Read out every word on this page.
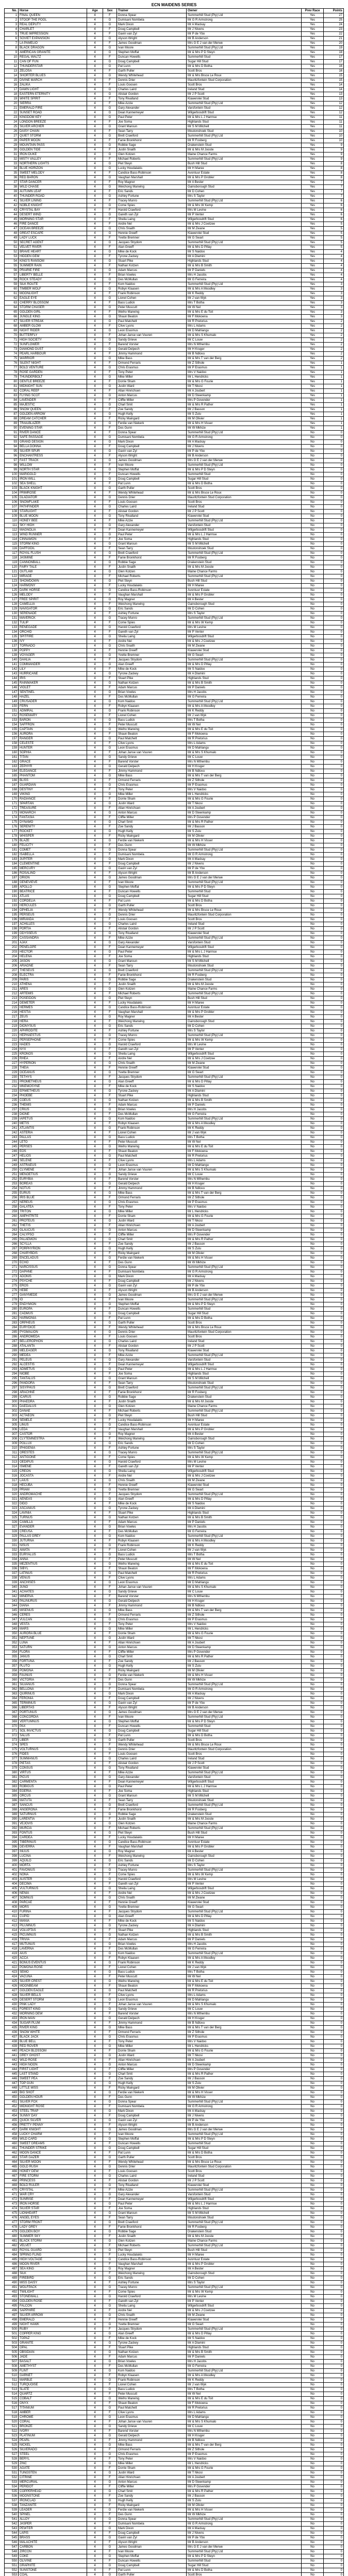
ECN MAIDENS SERIES
No.	Horse	Age	Sex	Trainer	Owner	Prev Race	Points
1	FINAL QUEEN	4	F	Donna Spear	Summerhill Stud (Pty) Ltd	Yes	27
2	STOOP THE POOL	4	G	Dumisani Nombela	Mr G R Armstrong	Yes	25
3	REAL DEPUTY	4	G	Mark Dixon	Mr A Mackay	Yes	24
4	CHARLET	4	F	Doug Campbell	Mr J Nivens	Yes	23
5	TRUE IMPRESSION	4	F	Gavin van Zyl	Mr P de Ybo	Yes	22
6	SOVIET EXPANSION	4	G	Alyson Wright	Mr B Anderson	Yes	21
7	LA PAMELIO	4	F	James Goodman	Mrs G E J van der Merwe	Yes	20
8	BLACK DRAGON	4	G	Ivan Moore	Summerhill Stud (Pty) Ltd	Yes	19
9	AMERICAN GRANITE	4	G	Stephen Moffat	Mr & Mrs P D Steyn	Yes	18
10	REGAL WALTZ	4	F	Duncan Howells	Summerhill Stud	Yes	17
11	CAN OF FUN	4	G	Doug Campbell	Sugar Hill Stud	Yes	17
12	THUNDERSTAR	4	G	Pat Lunn	Mr & Mrs D Botha	Yes	16
13	ZELOSA	4	F	Garth Puller	Scott Bros	Yes	16
14	SHORTER BLUES	4	G	Wendy Whitehead	Mr & Mrs Bruce Le Roux	Yes	15
15	DIVINE MARCH	4	F	Dennis Drier	Mauritzfontein Stud Corporation	Yes	15
16	ZALIKA	4	F	Louis Goosen	Scott Bros	Yes	14
17	DAWN LIGHT	4	G	Charles Laird	Ireland Stud	Yes	14
18	EASTERN ETERNITY	4	G	Alistair Gordon	Mr J P Scott	Yes	13
19	WHITE SPIRIT	4	F	Tony Rivalland	Klawervlei Stud	Yes	13
20	SIERRA	4	F	Mike Azzie	Summerhill Stud (Pty) Ltd	Yes	12
21	EMERALD FIRE	4	G	Gary Alexander	Varsfontein Stud	Yes	12
22	SUNSET ROAD	4	G	Dean Kannemeyer	Wilgerbosdrift Stud	Yes	12
23	KINGDOM KEY	4	G	Paul Peter	Mr & Mrs L J Harmse	Yes	11
24	LONDON BREEZE	4	F	Joe Soma	Highlands Stud	Yes	11
25	SILVER ARCHER	4	G	Grant Maroun	Mr S M Mitchell	Yes	11
26	DAISY CHAIN	4	F	Sean Tarry	Moutonshoek Stud	Yes	10
27	QUIET STORM	4	G	Brett Crawford	Summerhill Stud (Pty) Ltd	Yes	10
28	PAPER MOON	4	F	Fanie Bronkhorst	Mr R Fosberg	Yes	10
29	MOUNTAIN PASS	4	G	Robbie Sage	Drakenstein Stud	Yes	9
30	GOLDEN TIDE	4	F	Justin Snaith	Mr & Mrs M Jooste	Yes	9
31	IRON DUKE	4	G	Glen Kotzen	Maine Chance Farms	Yes	9
32	MISTY VALLEY	4	F	Michael Roberts	Summerhill Stud (Pty) Ltd	Yes	9
33	NORTHERN LIGHTS	4	G	Piet Steyn	Bush Hill Stud	Yes	8
34	BLUE HORIZON	4	G	Lucky Houdalakis	Mr H Maree	Yes	8
35	SWEET MELODY	4	F	Candice Bass-Robinson	Avontuur Estate	Yes	8
36	RED BARON	4	G	Vaughan Marshall	Mr & Mrs P Grobler	Yes	8
37	STAR DANCER	4	F	Roy Magner	Mr A Bester	Yes	7
38	WILD CHASE	4	G	Weichong Marwing	Gainsborough Stud	Yes	7
39	AUTUMN LEAF	4	F	Eric Sands	Mr D Cohen	Yes	7
40	THUNDER ROAD	4	G	Ashley Fortune	Mrs S Taylor	Yes	7
41	SILVER LINING	4	F	Tracey Munro	Summerhill Stud (Pty) Ltd	Yes	6
42	NOBLE KNIGHT	4	G	Corne Spies	Mr & Mrs W Kemp	Yes	6
43	CRYSTAL BAY	4	F	Harold Crawford	Mrs M Levine	Yes	6
44	DESERT WIND	4	G	Gareth van Zyl	Mr P Venter	Yes	6
45	MORNING STAR	4	F	Sheila Laing	Wilgerbosdrift Stud	Yes	6
46	FIRE DANCE	4	F	Andre Nel	Mr & Mrs J Coetzee	Yes	5
47	OCEAN BREEZE	4	G	Chris Snaith	Mr M Zwane	Yes	5
48	GREAT ESCAPE	4	G	Hennie Greeff	Klawervlei Stud	Yes	5
49	LADY LUCK	4	F	Yvette Bremner	Mr G Swart	Yes	5
50	SECRET AGENT	4	G	Jacques Strydom	Summerhill Stud (Pty) Ltd	Yes	5
51	VELVET RIVER	4	F	Alan Greeff	Mr & Mrs D Pillay	Yes	5
52	BRAVE HEART	4	G	Mike de Kock	Mr S Naidoo	Yes	4
53	HIDDEN GEM	4	F	Tyrone Zackey	Mr A Dlamini	Yes	4
54	KING'S RANSOM	4	G	Stuart Pike	Highlands Stud	Yes	4
55	SUMMER RAIN	4	F	Nathan Kotzen	Mr & Mrs B Smith	Yes	4
56	PRAIRIE FIRE	4	G	Adam Marcus	Mr P Daniels	Yes	4
57	LIBERTY BELLE	4	F	Brian Vowles	Mrs H Jacobs	Yes	4
58	ROCK STEADY	4	G	Des McMullan	Mr G Ferreira	Yes	4
59	SILK ROUTE	4	F	Kom Naidoo	Summerhill Stud (Pty) Ltd	Yes	3
60	TIMBER WOLF	4	G	Robyn Klaasen	Mr & Mrs A Moodley	Yes	3
61	MOONLIGHT	4	F	Frank Robinson	Mr K Reddy	Yes	3
62	EAGLE EYE	4	G	Lionel Cohen	Mr J van Wyk	Yes	3
63	CHERRY BLOSSOM	4	F	Bass Ludick	Mrs T Botha	Yes	3
64	STORM CHASER	4	G	Peter Muscutt	Mr W Nel	Yes	3
65	GOLDEN GIRL	4	F	Weiho Marwing	Mr & Mrs E du Toit	Yes	3
66	JUNGLE KING	4	G	Shaun Beaton	Mr F Mokoena	Yes	3
67	SILVER STREAK	4	G	Paul Matchett	Mr R Pretorius	Yes	2
68	AMBER GLOW	4	F	Clive Lyons	Mrs L Adams	Yes	2
69	NIGHT RIDER	4	G	Leon Erasmus	Mr D Mahlangu	Yes	2
70	BUTTERFLY	4	F	Johan Janse van Vuuren	Mr & Mrs S Khumalo	Yes	2
71	HIGH SOCIETY	4	G	Sandy Grieve	Mr C Louw	Yes	2
72	SUNFLOWER	4	F	Barend Vorster	Mrs N Mthembu	Yes	2
73	DIAMOND DUST	4	G	Gerald Delpech	Mr H Kruger	Yes	2
74	PEARL HARBOUR	4	F	Jimmy Hammond	Mr B Ndlovu	Yes	2
75	WARRIOR	4	G	Mike Bass	Mr & Mrs T van der Berg	Yes	2
76	SILENT NIGHT	4	F	Ormond Ferraris	Mr Z Sithole	Yes	1
77	BOLD VENTURE	4	G	Chris Erasmus	Mr P Erasmus	Yes	1
78	ROSE GARDEN	4	F	Tony Peter	Mrs V Naidoo	Yes	1
79	THUNDERBOLT	4	G	Mike Miller	Mr L Hendricks	Yes	1
80	GENTLE BREEZE	4	F	Dorrie Sham	Mr & Mrs G Fourie	Yes	1
81	MIDNIGHT SUN	4	G	Justin Ward	Mr T Nkosi	Yes	1
82	CORAL REEF	4	F	Allan Hinrichsen	Mr A Joubert	Yes	1
83	FLYING SCOT	4	G	Anton Marcus	Mr D Steenkamp	Yes	1
84	LAVENDER	4	F	Cliffie Miller	Mrs P Govender	Yes	1
85	MAJESTIC	4	G	Charl Smit	Mr & Mrs R Pather	Yes	1
86	SNOW QUEEN	4	F	Zoe Sandy	Mr J Basson	Yes	1
87	GOLDEN ARROW	4	G	Hugh Kelly	Mr S Zulu	Yes	1
88	DREAM CATCHER	4	F	Ricky Maingard	Mr M Olivier	Yes	1
89	TRAILBLAZER	4	G	Ferdie van Niekerk	Mr & Mrs H Visser	Yes	1
90	EVENING STAR	4	F	Des Gunn	Mr W Mkhize	Yes	1
91	RIVER DANCE	4	F	Donna Spear	Summerhill Stud (Pty) Ltd	No	0
92	SAFE PASSAGE	4	G	Dumisani Nombela	Mr G R Armstrong	No	0
93	GRAND DESIGN	4	G	Mark Dixon	Mr A Mackay	No	0
94	BELLA DONNA	4	F	Doug Campbell	Mr J Nivens	No	0
95	SILVER SPUR	4	G	Gavin van Zyl	Mr P de Ybo	No	0
96	ENCHANTRESS	4	F	Alyson Wright	Mr B Anderson	No	0
97	FAST TRACK	4	G	James Goodman	Mrs G E J van der Merwe	No	0
98	WILLOW	4	F	Ivan Moore	Summerhill Stud (Pty) Ltd	No	0
99	NORTH STAR	4	G	Stephen Moffat	Mr & Mrs P D Steyn	No	0
100	MARIGOLD	4	F	Duncan Howells	Summerhill Stud	No	0
101	IRON WILL	4	G	Doug Campbell	Sugar Hill Stud	No	0
102	SEA SHELL	4	F	Pat Lunn	Mr & Mrs D Botha	No	0
103	BLACK KNIGHT	4	G	Garth Puller	Scott Bros	No	0
104	PRIMROSE	4	F	Wendy Whitehead	Mr & Mrs Bruce Le Roux	No	0
105	GLADIATOR	4	G	Dennis Drier	Mauritzfontein Stud Corporation	No	0
106	SNOWFLAKE	4	F	Louis Goosen	Scott Bros	No	0
107	PATHFINDER	4	G	Charles Laird	Ireland Stud	No	0
108	STARLIGHT	4	F	Alistair Gordon	Mr J P Scott	No	0
109	BLUE MOON	4	G	Tony Rivalland	Klawervlei Stud	No	0
110	HONEY BEE	4	F	Mike Azzie	Summerhill Stud (Pty) Ltd	No	0
111	SKY HIGH	4	G	Gary Alexander	Varsfontein Stud	No	0
112	MAGNOLIA	4	F	Dean Kannemeyer	Wilgerbosdrift Stud	No	0
113	WIND RUNNER	4	G	Paul Peter	Mr & Mrs L J Harmse	No	0
114	CINNAMON	4	F	Joe Soma	Highlands Stud	No	0
115	STORM KING	4	G	Grant Maroun	Mr S M Mitchell	No	0
116	DAFFODIL	4	F	Sean Tarry	Moutonshoek Stud	No	0
117	ROYAL FLUSH	4	G	Brett Crawford	Summerhill Stud (Pty) Ltd	No	0
118	JASMINE	4	F	Fanie Bronkhorst	Mr R Fosberg	No	0
119	CANNONBALL	4	G	Robbie Sage	Drakenstein Stud	No	0
120	FAIRY TALE	4	F	Justin Snaith	Mr & Mrs M Jooste	No	0
121	OUTLAW	4	G	Glen Kotzen	Maine Chance Farms	No	0
122	MIRAGE	4	F	Michael Roberts	Summerhill Stud (Pty) Ltd	No	0
123	SHOWDOWN	4	G	Piet Steyn	Bush Hill Stud	No	0
124	HARMONY	4	F	Lucky Houdalakis	Mr H Maree	No	0
125	DARK HORSE	4	G	Candice Bass-Robinson	Avontuur Estate	No	0
126	MELODY	4	F	Vaughan Marshall	Mr & Mrs P Grobler	No	0
127	FREE SPIRIT	4	G	Roy Magner	Mr A Bester	No	0
128	CAMELLIA	4	F	Weichong Marwing	Gainsborough Stud	No	0
129	NAVIGATOR	4	G	Eric Sands	Mr D Cohen	No	0
130	SERENADE	4	F	Ashley Fortune	Mrs S Taylor	No	0
131	MAVERICK	4	G	Tracey Munro	Summerhill Stud (Pty) Ltd	No	0
132	TULIP	4	F	Corne Spies	Mr & Mrs W Kemp	No	0
133	RENEGADE	4	G	Harold Crawford	Mrs M Levine	No	0
134	ORCHID	4	F	Gareth van Zyl	Mr P Venter	No	0
135	SPITFIRE	4	G	Sheila Laing	Wilgerbosdrift Stud	No	0
136	IVY	4	F	Andre Nel	Mr & Mrs J Coetzee	No	0
137	TORNADO	4	G	Chris Snaith	Mr M Zwane	No	0
138	POPPY	4	F	Hennie Greeff	Klawervlei Stud	No	0
139	VOYAGER	4	G	Yvette Bremner	Mr G Swart	No	0
140	DAHLIA	4	F	Jacques Strydom	Summerhill Stud (Pty) Ltd	No	0
141	COMMANDER	4	G	Alan Greeff	Mr & Mrs D Pillay	No	0
142	LILY	4	F	Mike de Kock	Mr S Naidoo	No	0
143	HURRICANE	4	G	Tyrone Zackey	Mr A Dlamini	No	0
144	IRIS	4	F	Stuart Pike	Highlands Stud	No	0
145	RAINMAKER	4	G	Nathan Kotzen	Mr & Mrs B Smith	No	0
146	VIOLET	4	F	Adam Marcus	Mr P Daniels	No	0
147	SENTINEL	4	G	Brian Vowles	Mrs H Jacobs	No	0
148	HAZEL	4	F	Des McMullan	Mr G Ferreira	No	0
149	CRUSADER	4	G	Kom Naidoo	Summerhill Stud (Pty) Ltd	No	0
150	FERN	4	F	Robyn Klaasen	Mr & Mrs A Moodley	No	0
151	ADMIRAL	4	G	Frank Robinson	Mr K Reddy	No	0
152	ROSEMARY	4	F	Lionel Cohen	Mr J van Wyk	No	0
153	BARON	4	G	Bass Ludick	Mrs T Botha	No	0
154	SAFFRON	4	F	Peter Muscutt	Mr W Nel	No	0
155	CAPTAIN	4	G	Weiho Marwing	Mr & Mrs E du Toit	No	0
156	AURORA	4	F	Shaun Beaton	Mr F Mokoena	No	0
157	RANGER	4	G	Paul Matchett	Mr R Pretorius	No	0
158	CELESTE	4	F	Clive Lyons	Mrs L Adams	No	0
159	HUNTER	4	G	Leon Erasmus	Mr D Mahlangu	No	0
160	SOPHIA	4	F	Johan Janse van Vuuren	Mr & Mrs S Khumalo	No	0
161	TITAN	4	G	Sandy Grieve	Mr C Louw	No	0
162	GRACE	4	F	Barend Vorster	Mrs N Mthembu	No	0
163	ZEPHYR	4	G	Gerald Delpech	Mr H Kruger	No	0
164	ELEGANCE	4	F	Jimmy Hammond	Mr B Ndlovu	No	0
165	PHANTOM	4	G	Mike Bass	Mr & Mrs T van der Berg	No	0
166	BLISS	4	F	Ormond Ferraris	Mr Z Sithole	No	0
167	GUARDIAN	4	G	Chris Erasmus	Mr P Erasmus	No	0
168	DESTINY	4	F	Tony Peter	Mrs V Naidoo	No	0
169	VIKING	4	G	Mike Miller	Mr L Hendricks	No	0
170	RADIANCE	4	F	Dorrie Sham	Mr & Mrs G Fourie	No	0
171	SPARTAN	4	G	Justin Ward	Mr T Nkosi	No	0
172	TREASURE	4	F	Allan Hinrichsen	Mr A Joubert	No	0
173	MONARCH	4	G	Anton Marcus	Mr D Steenkamp	No	0
174	FANTASIA	4	F	Cliffie Miller	Mrs P Govender	No	0
175	DYNAMO	4	G	Charl Smit	Mr & Mrs R Pather	No	0
176	SERENITY	4	F	Zoe Sandy	Mr J Basson	No	0
177	ROCKET	4	G	Hugh Kelly	Mr S Zulu	No	0
178	WHISPER	4	F	Ricky Maingard	Mr M Olivier	No	0
179	BLAZE	4	G	Ferdie van Niekerk	Mr & Mrs H Visser	No	0
180	FELICITY	4	F	Des Gunn	Mr W Mkhize	No	0
181	COMET	4	G	Donna Spear	Summerhill Stud (Pty) Ltd	No	0
182	ISABELLA	4	F	Dumisani Nombela	Mr G R Armstrong	No	0
183	JUPITER	4	G	Mark Dixon	Mr A Mackay	No	0
184	CLEMENTINE	4	F	Doug Campbell	Mr J Nivens	No	0
185	MERCURY	4	G	Gavin van Zyl	Mr P de Ybo	No	0
186	ROSALIND	4	F	Alyson Wright	Mr B Anderson	No	0
187	ORION	4	G	James Goodman	Mrs G E J van der Merwe	No	0
188	GENEVIEVE	4	F	Ivan Moore	Summerhill Stud (Pty) Ltd	No	0
189	APOLLO	4	G	Stephen Moffat	Mr & Mrs P D Steyn	No	0
190	BEATRICE	4	F	Duncan Howells	Summerhill Stud	No	0
191	ATLAS	4	G	Doug Campbell	Sugar Hill Stud	No	0
192	CORDELIA	4	F	Pat Lunn	Mr & Mrs D Botha	No	0
193	HERCULES	4	G	Garth Puller	Scott Bros	No	0
194	OPHELIA	4	F	Wendy Whitehead	Mr & Mrs Bruce Le Roux	No	0
195	PERSEUS	4	G	Dennis Drier	Mauritzfontein Stud Corporation	No	0
196	MIRANDA	4	F	Louis Goosen	Scott Bros	No	0
197	ACHILLES	4	G	Charles Laird	Ireland Stud	No	0
198	PORTIA	4	F	Alistair Gordon	Mr J P Scott	No	0
199	ODYSSEUS	4	G	Tony Rivalland	Klawervlei Stud	No	0
200	CASSANDRA	4	F	Mike Azzie	Summerhill Stud (Pty) Ltd	No	0
201	AJAX	4	G	Gary Alexander	Varsfontein Stud	No	0
202	PENELOPE	4	F	Dean Kannemeyer	Wilgerbosdrift Stud	No	0
203	HECTOR	4	G	Paul Peter	Mr & Mrs L J Harmse	No	0
204	HELENA	4	F	Joe Soma	Highlands Stud	No	0
205	JASON	4	G	Grant Maroun	Mr S M Mitchell	No	0
206	ARIADNE	4	F	Sean Tarry	Moutonshoek Stud	No	0
207	THESEUS	4	G	Brett Crawford	Summerhill Stud (Pty) Ltd	No	0
208	ELECTRA	4	F	Fanie Bronkhorst	Mr R Fosberg	No	0
209	PARIS	4	G	Robbie Sage	Drakenstein Stud	No	0
210	ATHENA	4	F	Justin Snaith	Mr & Mrs M Jooste	No	0
211	ARES	4	G	Glen Kotzen	Maine Chance Farms	No	0
212	ARTEMIS	4	F	Michael Roberts	Summerhill Stud (Pty) Ltd	No	0
213	POSEIDON	4	G	Piet Steyn	Bush Hill Stud	No	0
214	DEMETER	4	F	Lucky Houdalakis	Mr H Maree	No	0
215	HERMES	4	G	Candice Bass-Robinson	Avontuur Estate	No	0
216	HESTIA	4	F	Vaughan Marshall	Mr & Mrs P Grobler	No	0
217	ZEUS	4	G	Roy Magner	Mr A Bester	No	0
218	HERA	4	F	Weichong Marwing	Gainsborough Stud	No	0
219	DIONYSUS	4	G	Eric Sands	Mr D Cohen	No	0
220	APHRODITE	4	F	Ashley Fortune	Mrs S Taylor	No	0
221	HEPHAESTUS	4	G	Tracey Munro	Summerhill Stud (Pty) Ltd	No	0
222	PERSEPHONE	4	F	Corne Spies	Mr & Mrs W Kemp	No	0
223	HADES	4	G	Harold Crawford	Mrs M Levine	No	0
224	NYX	4	F	Gareth van Zyl	Mr P Venter	No	0
225	KRONOS	4	G	Sheila Laing	Wilgerbosdrift Stud	No	0
226	RHEA	4	F	Andre Nel	Mr & Mrs J Coetzee	No	0
227	HYPERION	4	G	Chris Snaith	Mr M Zwane	No	0
228	THEIA	4	F	Hennie Greeff	Klawervlei Stud	No	0
229	OCEANUS	4	G	Yvette Bremner	Mr G Swart	No	0
230	TETHYS	4	F	Jacques Strydom	Summerhill Stud (Pty) Ltd	No	0
231	PROMETHEUS	4	G	Alan Greeff	Mr & Mrs D Pillay	No	0
232	MNEMOSYNE	4	F	Mike de Kock	Mr S Naidoo	No	0
233	EPIMETHEUS	4	G	Tyrone Zackey	Mr A Dlamini	No	0
234	PHOEBE	4	F	Stuart Pike	Highlands Stud	No	0
235	COEUS	4	G	Nathan Kotzen	Mr & Mrs B Smith	No	0
236	THEMIS	4	F	Adam Marcus	Mr P Daniels	No	0
237	CRIUS	4	G	Brian Vowles	Mrs H Jacobs	No	0
238	DIONE	4	F	Des McMullan	Mr G Ferreira	No	0
239	IAPETUS	4	G	Kom Naidoo	Summerhill Stud (Pty) Ltd	No	0
240	METIS	4	F	Robyn Klaasen	Mr & Mrs A Moodley	No	0
241	ATLANTIS	4	G	Frank Robinson	Mr K Reddy	No	0
242	ASTERIA	4	F	Lionel Cohen	Mr J van Wyk	No	0
243	PALLAS	4	G	Bass Ludick	Mrs T Botha	No	0
244	LETO	4	F	Peter Muscutt	Mr W Nel	No	0
245	PERSES	4	G	Weiho Marwing	Mr & Mrs E du Toit	No	0
246	EOS	4	F	Shaun Beaton	Mr F Mokoena	No	0
247	HELIOS	4	G	Paul Matchett	Mr R Pretorius	No	0
248	SELENE	4	F	Clive Lyons	Mrs L Adams	No	0
249	ASTRAEUS	4	G	Leon Erasmus	Mr D Mahlangu	No	0
250	CLYMENE	4	F	Johan Janse van Vuuren	Mr & Mrs S Khumalo	No	0
251	MENOETIUS	4	G	Sandy Grieve	Mr C Louw	No	0
252	EURYBIA	4	F	Barend Vorster	Mrs N Mthembu	No	0
253	BOREAS	4	G	Gerald Delpech	Mr H Kruger	No	0
254	NOTUS	4	F	Jimmy Hammond	Mr B Ndlovu	No	0
255	EURUS	4	G	Mike Bass	Mr & Mrs T van der Berg	No	0
256	IRIS BLUE	4	F	Ormond Ferraris	Mr Z Sithole	No	0
257	NEREUS	4	G	Chris Erasmus	Mr P Erasmus	No	0
258	GALATEA	4	F	Tony Peter	Mrs V Naidoo	No	0
259	TRITON	4	G	Mike Miller	Mr L Hendricks	No	0
260	AMPHITRITE	4	F	Dorrie Sham	Mr & Mrs G Fourie	No	0
261	PROTEUS	4	G	Justin Ward	Mr T Nkosi	No	0
262	THETIS	4	F	Allan Hinrichsen	Mr A Joubert	No	0
263	GLAUCUS	4	G	Anton Marcus	Mr D Steenkamp	No	0
264	CALYPSO	4	F	Cliffie Miller	Mrs P Govender	No	0
265	PALAEMON	4	G	Charl Smit	Mr & Mrs R Pather	No	0
266	SCYLLA	4	F	Zoe Sandy	Mr J Basson	No	0
267	PORPHYRION	4	G	Hugh Kelly	Mr S Zulu	No	0
268	CHARYBDIS	4	F	Ricky Maingard	Mr M Olivier	No	0
269	ENCELADUS	4	G	Ferdie van Niekerk	Mr & Mrs H Visser	No	0
270	ECHO	4	F	Des Gunn	Mr W Mkhize	No	0
271	NARCISSUS	4	G	Donna Spear	Summerhill Stud (Pty) Ltd	No	0
272	DAPHNE	4	F	Dumisani Nombela	Mr G R Armstrong	No	0
273	ADONIS	4	G	Mark Dixon	Mr A Mackay	No	0
274	PSYCHE	4	F	Doug Campbell	Mr J Nivens	No	0
275	EROS	4	G	Gavin van Zyl	Mr P de Ybo	No	0
276	HEBE	4	F	Alyson Wright	Mr B Anderson	No	0
277	GANYMEDE	4	G	James Goodman	Mrs G E J van der Merwe	No	0
278	IO	4	F	Ivan Moore	Summerhill Stud (Pty) Ltd	No	0
279	ENDYMION	4	G	Stephen Moffat	Mr & Mrs P D Steyn	No	0
280	EUROPA	4	F	Duncan Howells	Summerhill Stud	No	0
281	CADMUS	4	G	Doug Campbell	Sugar Hill Stud	No	0
282	HARMONIA	4	F	Pat Lunn	Mr & Mrs D Botha	No	0
283	ORPHEUS	4	G	Garth Puller	Scott Bros	No	0
284	EURYDICE	4	F	Wendy Whitehead	Mr & Mrs Bruce Le Roux	No	0
285	PYGMALION	4	G	Dennis Drier	Mauritzfontein Stud Corporation	No	0
286	ANDROMEDA	4	F	Louis Goosen	Scott Bros	No	0
287	BELLEROPHON	4	G	Charles Laird	Ireland Stud	No	0
288	ATALANTA	4	F	Alistair Gordon	Mr J P Scott	No	0
289	MELEAGER	4	G	Tony Rivalland	Klawervlei Stud	No	0
290	MEDEA	4	F	Mike Azzie	Summerhill Stud (Pty) Ltd	No	0
291	PELEUS	4	G	Gary Alexander	Varsfontein Stud	No	0
292	ALCESTIS	4	F	Dean Kannemeyer	Wilgerbosdrift Stud	No	0
293	ADMETUS	4	G	Paul Peter	Mr & Mrs L J Harmse	No	0
294	NIOBE	4	F	Joe Soma	Highlands Stud	No	0
295	TANTALUS	4	G	Grant Maroun	Mr S M Mitchell	No	0
296	PANDORA	4	F	Sean Tarry	Moutonshoek Stud	No	0
297	SISYPHUS	4	G	Brett Crawford	Summerhill Stud (Pty) Ltd	No	0
298	ARACHNE	4	F	Fanie Bronkhorst	Mr R Fosberg	No	0
299	ICARUS	4	G	Robbie Sage	Drakenstein Stud	No	0
300	PHAEDRA	4	F	Justin Snaith	Mr & Mrs M Jooste	No	0
301	DAEDALUS	4	G	Glen Kotzen	Maine Chance Farms	No	0
302	DANAE	4	F	Michael Roberts	Summerhill Stud (Pty) Ltd	No	0
303	ACTAEON	4	G	Piet Steyn	Bush Hill Stud	No	0
304	SEMELE	4	F	Lucky Houdalakis	Mr H Maree	No	0
305	LINUS	4	G	Candice Bass-Robinson	Avontuur Estate	No	0
306	LEDA	4	F	Vaughan Marshall	Mr & Mrs P Grobler	No	0
307	CASTOR	4	G	Roy Magner	Mr A Bester	No	0
308	CLYTEMNESTRA	4	F	Weichong Marwing	Gainsborough Stud	No	0
309	POLLUX	4	G	Eric Sands	Mr D Cohen	No	0
310	IPHIGENIA	4	F	Ashley Fortune	Mrs S Taylor	No	0
311	ORESTES	4	G	Tracey Munro	Summerhill Stud (Pty) Ltd	No	0
312	ANTIGONE	4	F	Corne Spies	Mr & Mrs W Kemp	No	0
313	OEDIPUS	4	G	Harold Crawford	Mrs M Levine	No	0
314	ISMENE	4	F	Gareth van Zyl	Mr P Venter	No	0
315	CREON	4	G	Sheila Laing	Wilgerbosdrift Stud	No	0
316	JOCASTA	4	F	Andre Nel	Mr & Mrs J Coetzee	No	0
317	LAIUS	4	G	Chris Snaith	Mr M Zwane	No	0
318	HECUBA	4	F	Hennie Greeff	Klawervlei Stud	No	0
319	PRIAM	4	G	Yvette Bremner	Mr G Swart	No	0
320	ANDROMACHE	4	F	Jacques Strydom	Summerhill Stud (Pty) Ltd	No	0
321	AENEAS	4	G	Alan Greeff	Mr & Mrs D Pillay	No	0
322	DIDO	4	F	Mike de Kock	Mr S Naidoo	No	0
323	ASCANIUS	4	G	Tyrone Zackey	Mr A Dlamini	No	0
324	LAVINIA	4	F	Stuart Pike	Highlands Stud	No	0
325	TURNUS	4	G	Nathan Kotzen	Mr & Mrs B Smith	No	0
326	CAMILLA	4	F	Adam Marcus	Mr P Daniels	No	0
327	EVANDER	4	G	Brian Vowles	Mrs H Jacobs	No	0
328	CREUSA	4	F	Des McMullan	Mr G Ferreira	No	0
329	PALLAS GREY	4	G	Kom Naidoo	Summerhill Stud (Pty) Ltd	No	0
330	JUTURNA	4	F	Robyn Klaasen	Mr & Mrs A Moodley	No	0
331	NISUS	4	G	Frank Robinson	Mr K Reddy	No	0
332	AMATA	4	F	Lionel Cohen	Mr J van Wyk	No	0
333	EURYALUS	4	G	Bass Ludick	Mrs T Botha	No	0
334	ANNA	4	F	Peter Muscutt	Mr W Nel	No	0
335	MEZENTIUS	4	G	Weiho Marwing	Mr & Mrs E du Toit	No	0
336	SIBYL	4	F	Shaun Beaton	Mr F Mokoena	No	0
337	LATINUS	4	G	Paul Matchett	Mr R Pretorius	No	0
338	VENUS	4	F	Clive Lyons	Mrs L Adams	No	0
339	ANCHISES	4	G	Leon Erasmus	Mr D Mahlangu	No	0
340	JUNO	4	F	Johan Janse van Vuuren	Mr & Mrs S Khumalo	No	0
341	ACHATES	4	G	Sandy Grieve	Mr C Louw	No	0
342	MINERVA	4	F	Barend Vorster	Mrs N Mthembu	No	0
343	PALINURUS	4	G	Gerald Delpech	Mr H Kruger	No	0
344	DIANA	4	F	Jimmy Hammond	Mr B Ndlovu	No	0
345	MISENUS	4	G	Mike Bass	Mr & Mrs T van der Berg	No	0
346	CERES	4	F	Ormond Ferraris	Mr Z Sithole	No	0
347	VULCAN	4	G	Chris Erasmus	Mr P Erasmus	No	0
348	VESTA	4	F	Tony Peter	Mrs V Naidoo	No	0
349	MARS	4	G	Mike Miller	Mr L Hendricks	No	0
350	AURORA BLUE	4	F	Dorrie Sham	Mr & Mrs G Fourie	No	0
351	NEPTUNE	4	G	Justin Ward	Mr T Nkosi	No	0
352	LUNA	4	F	Allan Hinrichsen	Mr A Joubert	No	0
353	SATURN	4	G	Anton Marcus	Mr D Steenkamp	No	0
354	FLORA	4	F	Cliffie Miller	Mrs P Govender	No	0
355	JANUS	4	G	Charl Smit	Mr & Mrs R Pather	No	0
356	FORTUNA	4	F	Zoe Sandy	Mr J Basson	No	0
357	PLUTO	4	G	Hugh Kelly	Mr S Zulu	No	0
358	POMONA	4	F	Ricky Maingard	Mr M Olivier	No	0
359	FAUNUS	4	G	Ferdie van Niekerk	Mr & Mrs H Visser	No	0
360	VICTORIA	4	F	Des Gunn	Mr W Mkhize	No	0
361	SILVANUS	4	G	Donna Spear	Summerhill Stud (Pty) Ltd	No	0
362	BELLONA	4	F	Dumisani Nombela	Mr G R Armstrong	No	0
363	QUIRINUS	4	G	Mark Dixon	Mr A Mackay	No	0
364	FERONIA	4	F	Doug Campbell	Mr J Nivens	No	0
365	TERMINUS	4	G	Gavin van Zyl	Mr P de Ybo	No	0
366	LIBERTAS	4	F	Alyson Wright	Mr B Anderson	No	0
367	PORTUNUS	4	G	James Goodman	Mrs G E J van der Merwe	No	0
368	CONCORDIA	4	F	Ivan Moore	Summerhill Stud (Pty) Ltd	No	0
369	VERTUMNUS	4	G	Stephen Moffat	Mr & Mrs P D Steyn	No	0
370	PAX	4	F	Duncan Howells	Summerhill Stud	No	0
371	SOL INVICTUS	4	G	Doug Campbell	Sugar Hill Stud	No	0
372	SALUS	4	F	Pat Lunn	Mr & Mrs D Botha	No	0
373	LIBER	4	G	Garth Puller	Scott Bros	No	0
374	SPES	4	F	Wendy Whitehead	Mr & Mrs Bruce Le Roux	No	0
375	VOLTURNUS	4	G	Dennis Drier	Mauritzfontein Stud Corporation	No	0
376	FIDES	4	F	Louis Goosen	Scott Bros	No	0
377	SUMMANUS	4	G	Charles Laird	Ireland Stud	No	0
378	PIETAS	4	F	Alistair Gordon	Mr J P Scott	No	0
379	CONSUS	4	G	Tony Rivalland	Klawervlei Stud	No	0
380	VIRTUS	4	F	Mike Azzie	Summerhill Stud (Pty) Ltd	No	0
381	PICUS	4	G	Gary Alexander	Varsfontein Stud	No	0
382	CARMENTA	4	F	Dean Kannemeyer	Wilgerbosdrift Stud	No	0
383	ROBIGUS	4	G	Paul Peter	Mr & Mrs L J Harmse	No	0
384	EGERIA	4	F	Joe Soma	Highlands Stud	No	0
385	ORCUS	4	G	Grant Maroun	Mr S M Mitchell	No	0
386	MATUTA	4	F	Sean Tarry	Moutonshoek Stud	No	0
387	SANCUS	4	G	Brett Crawford	Summerhill Stud (Pty) Ltd	No	0
388	ANGERONA	4	F	Fanie Bronkhorst	Mr R Fosberg	No	0
389	SATURNUS	4	G	Robbie Sage	Drakenstein Stud	No	0
390	LARENTIA	4	F	Justin Snaith	Mr & Mrs M Jooste	No	0
391	VEJOVIS	4	G	Glen Kotzen	Maine Chance Farms	No	0
392	MURCIA	4	F	Michael Roberts	Summerhill Stud (Pty) Ltd	No	0
393	FONTUS	4	G	Piet Steyn	Bush Hill Stud	No	0
394	CARDEA	4	F	Lucky Houdalakis	Mr H Maree	No	0
395	TIBERINUS	4	G	Candice Bass-Robinson	Avontuur Estate	No	0
396	DEVERRA	4	F	Vaughan Marshall	Mr & Mrs P Grobler	No	0
397	INUUS	4	G	Roy Magner	Mr A Bester	No	0
398	LUCINA	4	F	Weichong Marwing	Gainsborough Stud	No	0
399	AQUILO	4	G	Eric Sands	Mr D Cohen	No	0
400	MORTA	4	F	Ashley Fortune	Mrs S Taylor	No	0
401	FAVONIUS	4	G	Tracey Munro	Summerhill Stud (Pty) Ltd	No	0
402	NONA	4	F	Corne Spies	Mr & Mrs W Kemp	No	0
403	AUSTER	4	G	Harold Crawford	Mrs M Levine	No	0
404	DECIMA	4	F	Gareth van Zyl	Mr P Venter	No	0
405	VULTURNUS	4	G	Sheila Laing	Wilgerbosdrift Stud	No	0
406	NENIA	4	F	Andre Nel	Mr & Mrs J Coetzee	No	0
407	SOMNUS	4	G	Chris Snaith	Mr M Zwane	No	0
408	PARCAE	4	F	Hennie Greeff	Klawervlei Stud	No	0
409	MORS	4	G	Yvette Bremner	Mr G Swart	No	0
410	FURINA	4	F	Jacques Strydom	Summerhill Stud (Pty) Ltd	No	0
411	CUPID	4	G	Alan Greeff	Mr & Mrs D Pillay	No	0
412	MANIA	4	F	Mike de Kock	Mr S Naidoo	No	0
413	PILUMNUS	4	G	Tyrone Zackey	Mr A Dlamini	No	0
414	VOLUPTAS	4	F	Stuart Pike	Highlands Stud	No	0
415	PICUMNUS	4	G	Nathan Kotzen	Mr & Mrs B Smith	No	0
416	TRIVIA	4	F	Adam Marcus	Mr P Daniels	No	0
417	MUTUNUS	4	G	Brian Vowles	Mrs H Jacobs	No	0
418	LAVERNA	4	F	Des McMullan	Mr G Ferreira	No	0
419	AIUS	4	G	Kom Naidoo	Summerhill Stud (Pty) Ltd	No	0
420	ACCA	4	F	Robyn Klaasen	Mr & Mrs A Moodley	No	0
421	BONUS EVENTUS	4	G	Frank Robinson	Mr K Reddy	No	0
422	POMONA ROSE	4	F	Lionel Cohen	Mr J van Wyk	No	0
423	SEMO	4	G	Bass Ludick	Mrs T Botha	No	0
424	VACUNA	4	F	Peter Muscutt	Mr W Nel	No	0
425	SILVER CREST	4	G	Weiho Marwing	Mr & Mrs E du Toit	No	0
426	MOONBEAM	4	F	Shaun Beaton	Mr F Mokoena	No	0
427	GOLDEN EAGLE	4	G	Paul Matchett	Mr R Pretorius	No	0
428	SILVER BELLS	4	F	Clive Lyons	Mrs L Adams	No	0
429	DESERT STORM	4	G	Leon Erasmus	Mr D Mahlangu	No	0
430	PINK LADY	4	F	Johan Janse van Vuuren	Mr & Mrs S Khumalo	No	0
431	FOREST KING	4	G	Sandy Grieve	Mr C Louw	No	0
432	MORNING DEW	4	F	Barend Vorster	Mrs N Mthembu	No	0
433	IRON MAN	4	G	Gerald Delpech	Mr H Kruger	No	0
434	SUGAR PLUM	4	F	Jimmy Hammond	Mr B Ndlovu	No	0
435	RIVER KING	4	G	Mike Bass	Mr & Mrs T van der Berg	No	0
436	SNOW WHITE	4	F	Ormond Ferraris	Mr Z Sithole	No	0
437	BLACK JACK	4	G	Chris Erasmus	Mr P Erasmus	No	0
438	BLUE BELL	4	F	Tony Peter	Mrs V Naidoo	No	0
439	RED ROVER	4	G	Mike Miller	Mr L Hendricks	No	0
440	PEACH BLOSSOM	4	F	Dorrie Sham	Mr & Mrs G Fourie	No	0
441	GREY GHOST	4	G	Justin Ward	Mr T Nkosi	No	0
442	WILD ROSE	4	F	Allan Hinrichsen	Mr A Joubert	No	0
443	HIGH NOON	4	G	Anton Marcus	Mr D Steenkamp	No	0
444	FIRST LIGHT	4	F	Cliffie Miller	Mrs P Govender	No	0
445	LAST STAND	4	G	Charl Smit	Mr & Mrs R Pather	No	0
446	SWEET PEA	4	F	Zoe Sandy	Mr J Basson	No	0
447	TOP GUN	4	G	Hugh Kelly	Mr S Zulu	No	0
448	LITTLE MISS	4	F	Ricky Maingard	Mr M Olivier	No	0
449	BIG SHOT	4	G	Ferdie van Niekerk	Mr & Mrs H Visser	No	0
450	GOLDEN HOUR	4	F	Des Gunn	Mr W Mkhize	No	0
451	SILVER FOX	4	G	Donna Spear	Summerhill Stud (Pty) Ltd	No	0
452	MIDNIGHT ROSE	4	F	Dumisani Nombela	Mr G R Armstrong	No	0
453	STEEL TRAP	4	G	Mark Dixon	Mr A Mackay	No	0
454	SUNNY DAY	4	F	Doug Campbell	Mr J Nivens	No	0
455	QUICK SILVER	4	G	Gavin van Zyl	Mr P de Ybo	No	0
456	PRETTY PENNY	4	F	Alyson Wright	Mr B Anderson	No	0
457	DARK KNIGHT	4	G	James Goodman	Mrs G E J van der Merwe	No	0
458	LUCKY CHARM	4	F	Ivan Moore	Summerhill Stud (Pty) Ltd	No	0
459	WILD CARD	4	G	Stephen Moffat	Mr & Mrs P D Steyn	No	0
460	SWEET DREAMS	4	F	Duncan Howells	Summerhill Stud	No	0
461	THUNDER STRIKE	4	G	Doug Campbell	Sugar Hill Stud	No	0
462	MOON DANCE	4	F	Pat Lunn	Mr & Mrs D Botha	No	0
463	STAR GAZER	4	G	Garth Puller	Scott Bros	No	0
464	SILVER MOON	4	F	Wendy Whitehead	Mr & Mrs Bruce Le Roux	No	0
465	GOLD RUSH	4	G	Dennis Drier	Mauritzfontein Stud Corporation	No	0
466	HONEY DEW	4	F	Louis Goosen	Scott Bros	No	0
467	FIRE STORM	4	G	Charles Laird	Ireland Stud	No	0
468	PRINCESS	4	F	Alistair Gordon	Mr J P Scott	No	0
469	BOLD RULER	4	G	Tony Rivalland	Klawervlei Stud	No	0
470	CRYSTAL	4	F	Mike Azzie	Summerhill Stud (Pty) Ltd	No	0
471	WAR CRY	4	G	Gary Alexander	Varsfontein Stud	No	0
472	SUNRISE	4	F	Dean Kannemeyer	Wilgerbosdrift Stud	No	0
473	IRON HORSE	4	G	Paul Peter	Mr & Mrs L J Harmse	No	0
474	SILVER STAR	4	F	Joe Soma	Highlands Stud	No	0
475	LIONHEART	4	G	Grant Maroun	Mr S M Mitchell	No	0
476	ANGEL EYES	4	F	Sean Tarry	Moutonshoek Stud	No	0
477	STORM FRONT	4	G	Brett Crawford	Summerhill Stud (Pty) Ltd	No	0
478	LADY GREY	4	F	Fanie Bronkhorst	Mr R Fosberg	No	0
479	GOLDEN BOY	4	G	Robbie Sage	Drakenstein Stud	No	0
480	SUMMER SKY	4	F	Justin Snaith	Mr & Mrs M Jooste	No	0
481	BLACK STORM	4	G	Glen Kotzen	Maine Chance Farms	No	0
482	VELVET	4	F	Michael Roberts	Summerhill Stud (Pty) Ltd	No	0
483	ROYAL GUARD	4	G	Piet Steyn	Bush Hill Stud	No	0
484	SPRING FLING	4	F	Lucky Houdalakis	Mr H Maree	No	0
485	HIGH VOLTAGE	4	G	Candice Bass-Robinson	Avontuur Estate	No	0
486	MOON RIVER	4	F	Vaughan Marshall	Mr & Mrs P Grobler	No	0
487	SEA KING	4	G	Roy Magner	Mr A Bester	No	0
488	SILK	4	F	Weichong Marwing	Gainsborough Stud	No	0
489	FIREBIRD	4	G	Eric Sands	Mr D Cohen	No	0
490	MISS DAISY	4	F	Ashley Fortune	Mrs S Taylor	No	0
491	WOLFPACK	4	G	Tracey Munro	Summerhill Stud (Pty) Ltd	No	0
492	TWILIGHT	4	F	Corne Spies	Mr & Mrs W Kemp	No	0
493	STONEWALL	4	G	Harold Crawford	Mrs M Levine	No	0
494	GOLDEN ROSE	4	F	Gareth van Zyl	Mr P Venter	No	0
495	FALCON	4	G	Sheila Laing	Wilgerbosdrift Stud	No	0
496	SAPPHIRE	4	F	Andre Nel	Mr & Mrs J Coetzee	No	0
497	SILVER ARROW	4	G	Chris Snaith	Mr M Zwane	No	0
498	EMERALD	4	F	Hennie Greeff	Klawervlei Stud	No	0
499	NIGHT HAWK	4	G	Yvette Bremner	Mr G Swart	No	0
500	RUBY	4	F	Jacques Strydom	Summerhill Stud (Pty) Ltd	No	0
501	COPPER KING	4	G	Alan Greeff	Mr & Mrs D Pillay	No	0
502	TOPAZ	4	F	Mike de Kock	Mr S Naidoo	No	0
503	GRANITE	4	G	Tyrone Zackey	Mr A Dlamini	No	0
504	OPAL	4	F	Stuart Pike	Highlands Stud	No	0
505	OBSIDIAN	4	G	Nathan Kotzen	Mr & Mrs B Smith	No	0
506	JADE	4	F	Adam Marcus	Mr P Daniels	No	0
507	BASALT	4	G	Brian Vowles	Mrs H Jacobs	No	0
508	AMETHYST	4	F	Des McMullan	Mr G Ferreira	No	0
509	FLINT	4	G	Kom Naidoo	Summerhill Stud (Pty) Ltd	No	0
510	GARNET	4	F	Robyn Klaasen	Mr & Mrs A Moodley	No	0
511	MARBLE	4	G	Frank Robinson	Mr K Reddy	No	0
512	TURQUOISE	4	F	Lionel Cohen	Mr J van Wyk	No	0
513	SLATE	4	G	Bass Ludick	Mrs T Botha	No	0
514	QUARTZ	4	F	Peter Muscutt	Mr W Nel	No	0
515	COBALT	4	G	Weiho Marwing	Mr & Mrs E du Toit	No	0
516	ONYX	4	F	Shaun Beaton	Mr F Mokoena	No	0
517	TITANIUM	4	G	Paul Matchett	Mr R Pretorius	No	0
518	AMBER	4	F	Clive Lyons	Mrs L Adams	No	0
519	CHROME	4	G	Leon Erasmus	Mr D Mahlangu	No	0
520	CORAL	4	F	Johan Janse van Vuuren	Mr & Mrs S Khumalo	No	0
521	BRONZE	4	G	Sandy Grieve	Mr C Louw	No	0
522	IVORY	4	F	Barend Vorster	Mrs N Mthembu	No	0
523	PLATINUM	4	G	Gerald Delpech	Mr H Kruger	No	0
524	PEARL	4	F	Jimmy Hammond	Mr B Ndlovu	No	0
525	NICKEL	4	G	Mike Bass	Mr & Mrs T van der Berg	No	0
526	SILVERADO	4	F	Ormond Ferraris	Mr Z Sithole	No	0
527	STEEL	4	G	Chris Erasmus	Mr P Erasmus	No	0
528	BERYL	4	F	Tony Peter	Mrs V Naidoo	No	0
529	ZINC	4	G	Mike Miller	Mr L Hendricks	No	0
530	AGATE	4	F	Dorrie Sham	Mr & Mrs G Fourie	No	0
531	TUNGSTEN	4	G	Justin Ward	Mr T Nkosi	No	0
532	CITRINE	4	F	Allan Hinrichsen	Mr A Joubert	No	0
533	MERCURIAL	4	G	Anton Marcus	Mr D Steenkamp	No	0
534	PERIDOT	4	F	Cliffie Miller	Mrs P Govender	No	0
535	COPPERHEAD	4	G	Charl Smit	Mr & Mrs R Pather	No	0
536	MOONSTONE	4	F	Zoe Sandy	Mr J Basson	No	0
537	IRONCLAD	4	G	Hugh Kelly	Mr S Zulu	No	0
538	TANZANITE	4	F	Ricky Maingard	Mr M Olivier	No	0
539	LEADER	4	G	Ferdie van Niekerk	Mr & Mrs H Visser	No	0
540	SPINEL	4	F	Des Gunn	Mr W Mkhize	No	0
541	ALLOY	4	G	Donna Spear	Summerhill Stud (Pty) Ltd	No	0
542	JASPER	4	F	Dumisani Nombela	Mr G R Armstrong	No	0
543	PEWTER	4	G	Mark Dixon	Mr A Mackay	No	0
544	LAPIS	4	F	Doug Campbell	Mr J Nivens	No	0
545	BRASS	4	G	Gavin van Zyl	Mr P de Ybo	No	0
546	MALACHITE	4	F	Alyson Wright	Mr B Anderson	No	0
547	CARBON	4	G	James Goodman	Mrs G E J van der Merwe	No	0
548	ZIRCON	4	F	Ivan Moore	Summerhill Stud (Pty) Ltd	No	0
549	COKE	4	G	Stephen Moffat	Mr & Mrs P D Steyn	No	0
550	OLIVINE	4	F	Duncan Howells	Summerhill Stud	No	0
551	GRAPHITE	4	G	Doug Campbell	Sugar Hill Stud	No	0
552	SUNSTONE	4	F	Pat Lunn	Mr & Mrs D Botha	No	0
553	COAL	4	G	Garth Puller	Scott Bros	No	0
